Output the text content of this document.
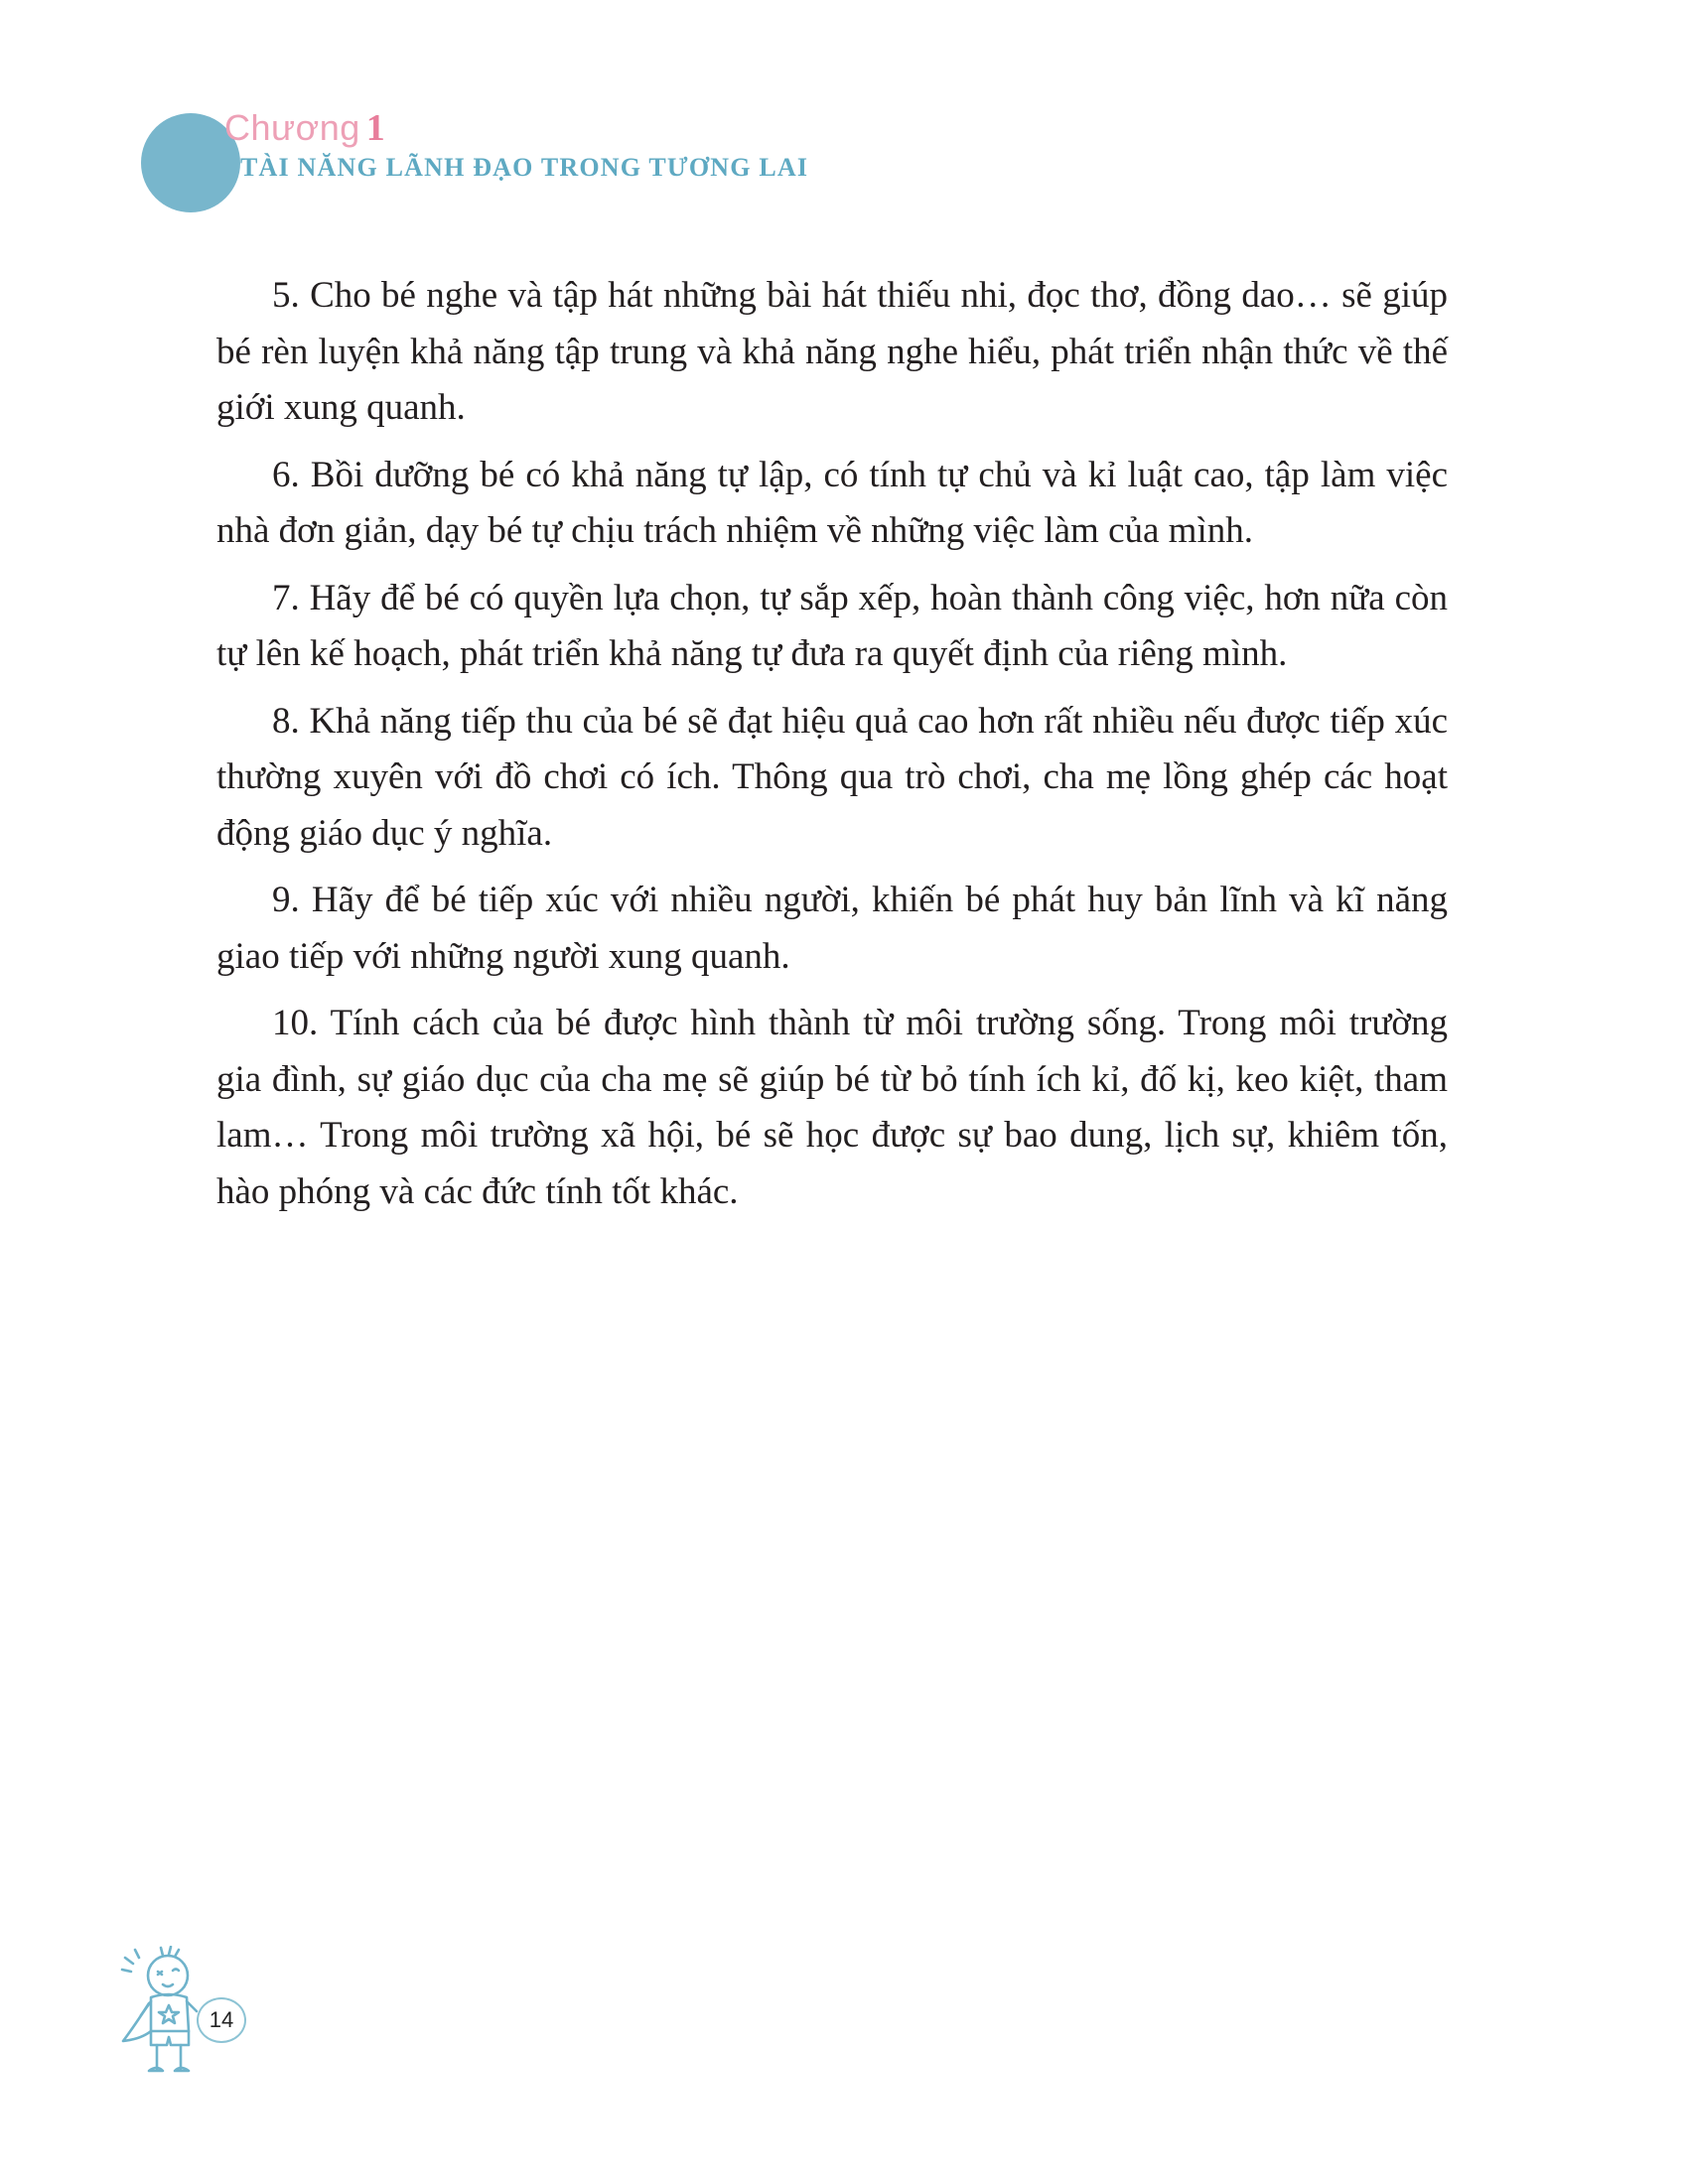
Chương 1
TÀI NĂNG LÃNH ĐẠO TRONG TƯƠNG LAI

5. Cho bé nghe và tập hát những bài hát thiếu nhi, đọc thơ, đồng dao… sẽ giúp bé rèn luyện khả năng tập trung và khả năng nghe hiểu, phát triển nhận thức về thế giới xung quanh.

6. Bồi dưỡng bé có khả năng tự lập, có tính tự chủ và kỉ luật cao, tập làm việc nhà đơn giản, dạy bé tự chịu trách nhiệm về những việc làm của mình.

7. Hãy để bé có quyền lựa chọn, tự sắp xếp, hoàn thành công việc, hơn nữa còn tự lên kế hoạch, phát triển khả năng tự đưa ra quyết định của riêng mình.

8. Khả năng tiếp thu của bé sẽ đạt hiệu quả cao hơn rất nhiều nếu được tiếp xúc thường xuyên với đồ chơi có ích. Thông qua trò chơi, cha mẹ lồng ghép các hoạt động giáo dục ý nghĩa.

9. Hãy để bé tiếp xúc với nhiều người, khiến bé phát huy bản lĩnh và kĩ năng giao tiếp với những người xung quanh.

10. Tính cách của bé được hình thành từ môi trường sống. Trong môi trường gia đình, sự giáo dục của cha mẹ sẽ giúp bé từ bỏ tính ích kỉ, đố kị, keo kiệt, tham lam… Trong môi trường xã hội, bé sẽ học được sự bao dung, lịch sự, khiêm tốn, hào phóng và các đức tính tốt khác.

14
